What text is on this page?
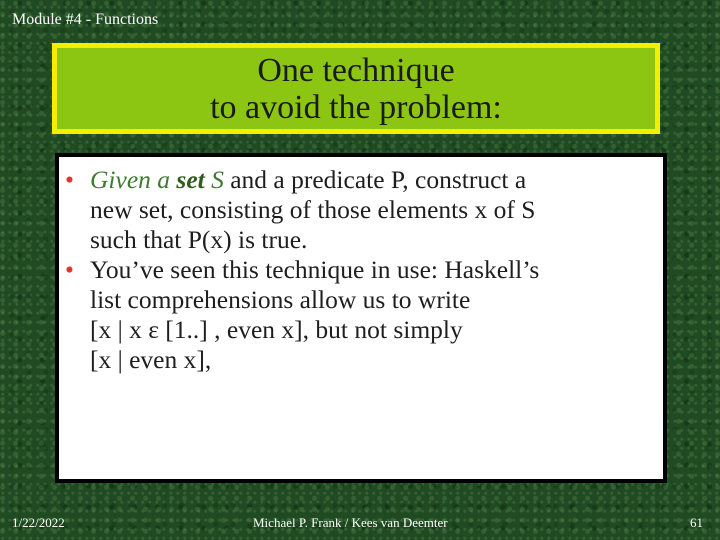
Module #4 - Functions
One technique
to avoid the problem:
• Given a set S and a predicate P, construct a
new set, consisting of those elements x of S
such that P(x) is true.
• You’ve seen this technique in use: Haskell’s
list comprehensions allow us to write
[x | x ε [1..] , even x], but not simply
[x | even x],
1/22/2022	Michael P. Frank / Kees van Deemter	61
